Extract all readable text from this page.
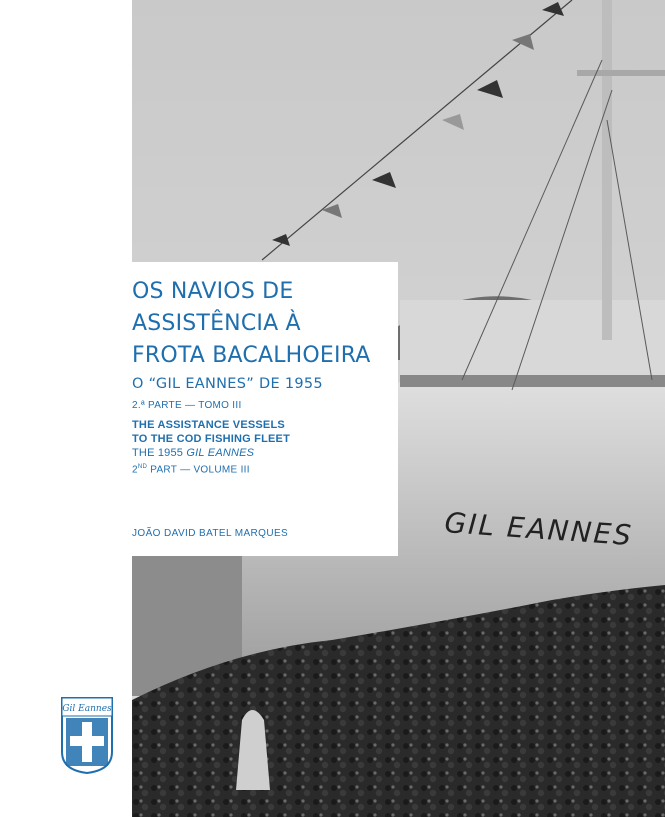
GIL EANNES
OS NAVIOS DE
ASSISTÊNCIA À
FROTA BACALHOEIRA
O “GIL EANNES” DE 1955
2.ª PARTE — TOMO III
THE ASSISTANCE VESSELS
TO THE COD FISHING FLEET
THE 1955 GIL EANNES
2ND PART — VOLUME III
JOÃO DAVID BATEL MARQUES
Gil Eannes
